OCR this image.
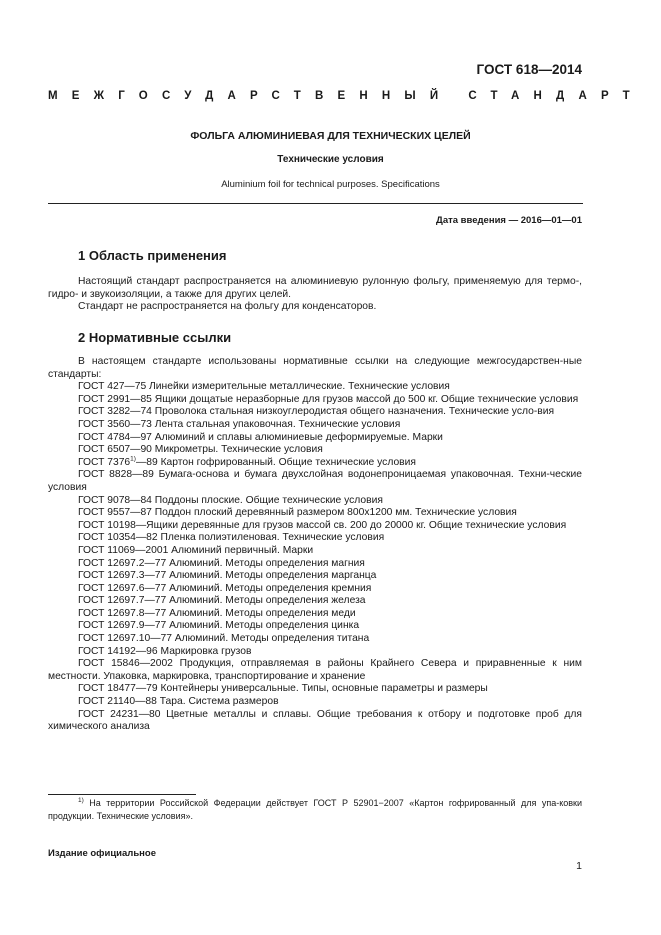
ГОСТ 618—2014
МЕЖГОСУДАРСТВЕННЫЙ СТАНДАРТ
ФОЛЬГА АЛЮМИНИЕВАЯ ДЛЯ ТЕХНИЧЕСКИХ ЦЕЛЕЙ
Технические условия
Aluminium foil for technical purposes. Specifications
Дата введения — 2016—01—01
1 Область применения

Настоящий стандарт распространяется на алюминиевую рулонную фольгу, применяемую для термо-, гидро- и звукоизоляции, а также для других целей.

Стандарт не распространяется на фольгу для конденсаторов.

2 Нормативные ссылки

В настоящем стандарте использованы нормативные ссылки на следующие межгосударствен-ные стандарты:

ГОСТ 427—75 Линейки измерительные металлические. Технические условия

ГОСТ 2991—85 Ящики дощатые неразборные для грузов массой до 500 кг. Общие технические условия

ГОСТ 3282—74 Проволока стальная низкоуглеродистая общего назначения. Технические усло-вия

ГОСТ 3560—73 Лента стальная упаковочная. Технические условия

ГОСТ 4784—97 Алюминий и сплавы алюминиевые деформируемые. Марки

ГОСТ 6507—90 Микрометры. Технические условия

ГОСТ 7376$^{1)}$—89 Картон гофрированный. Общие технические условия

ГОСТ 8828—89 Бумага-основа и бумага двухслойная водонепроницаемая упаковочная. Техни-ческие условия

ГОСТ 9078—84 Поддоны плоские. Общие технические условия

ГОСТ 9557—87 Поддон плоский деревянный размером 800х1200 мм. Технические условия

ГОСТ 10198—Ящики деревянные для грузов массой св. 200 до 20000 кг. Общие технические условия

ГОСТ 10354—82 Пленка полиэтиленовая. Технические условия

ГОСТ 11069—2001 Алюминий первичный. Марки

ГОСТ 12697.2—77 Алюминий. Методы определения магния

ГОСТ 12697.3—77 Алюминий. Методы определения марганца

ГОСТ 12697.6—77 Алюминий. Методы определения кремния

ГОСТ 12697.7—77 Алюминий. Методы определения железа

ГОСТ 12697.8—77 Алюминий. Методы определения меди

ГОСТ 12697.9—77 Алюминий. Методы определения цинка

ГОСТ 12697.10—77 Алюминий. Методы определения титана

ГОСТ 14192—96 Маркировка грузов

ГОСТ 15846—2002 Продукция, отправляемая в районы Крайнего Севера и приравненные к ним местности. Упаковка, маркировка, транспортирование и хранение

ГОСТ 18477—79 Контейнеры универсальные. Типы, основные параметры и размеры

ГОСТ 21140—88 Тара. Система размеров

ГОСТ 24231—80 Цветные металлы и сплавы. Общие требования к отбору и подготовке проб для химического анализа

$^{1)}$ На территории Российской Федерации действует ГОСТ Р 52901−2007 «Картон гофрированный для упа-ковки продукции. Технические условия».

Издание официальное
1
